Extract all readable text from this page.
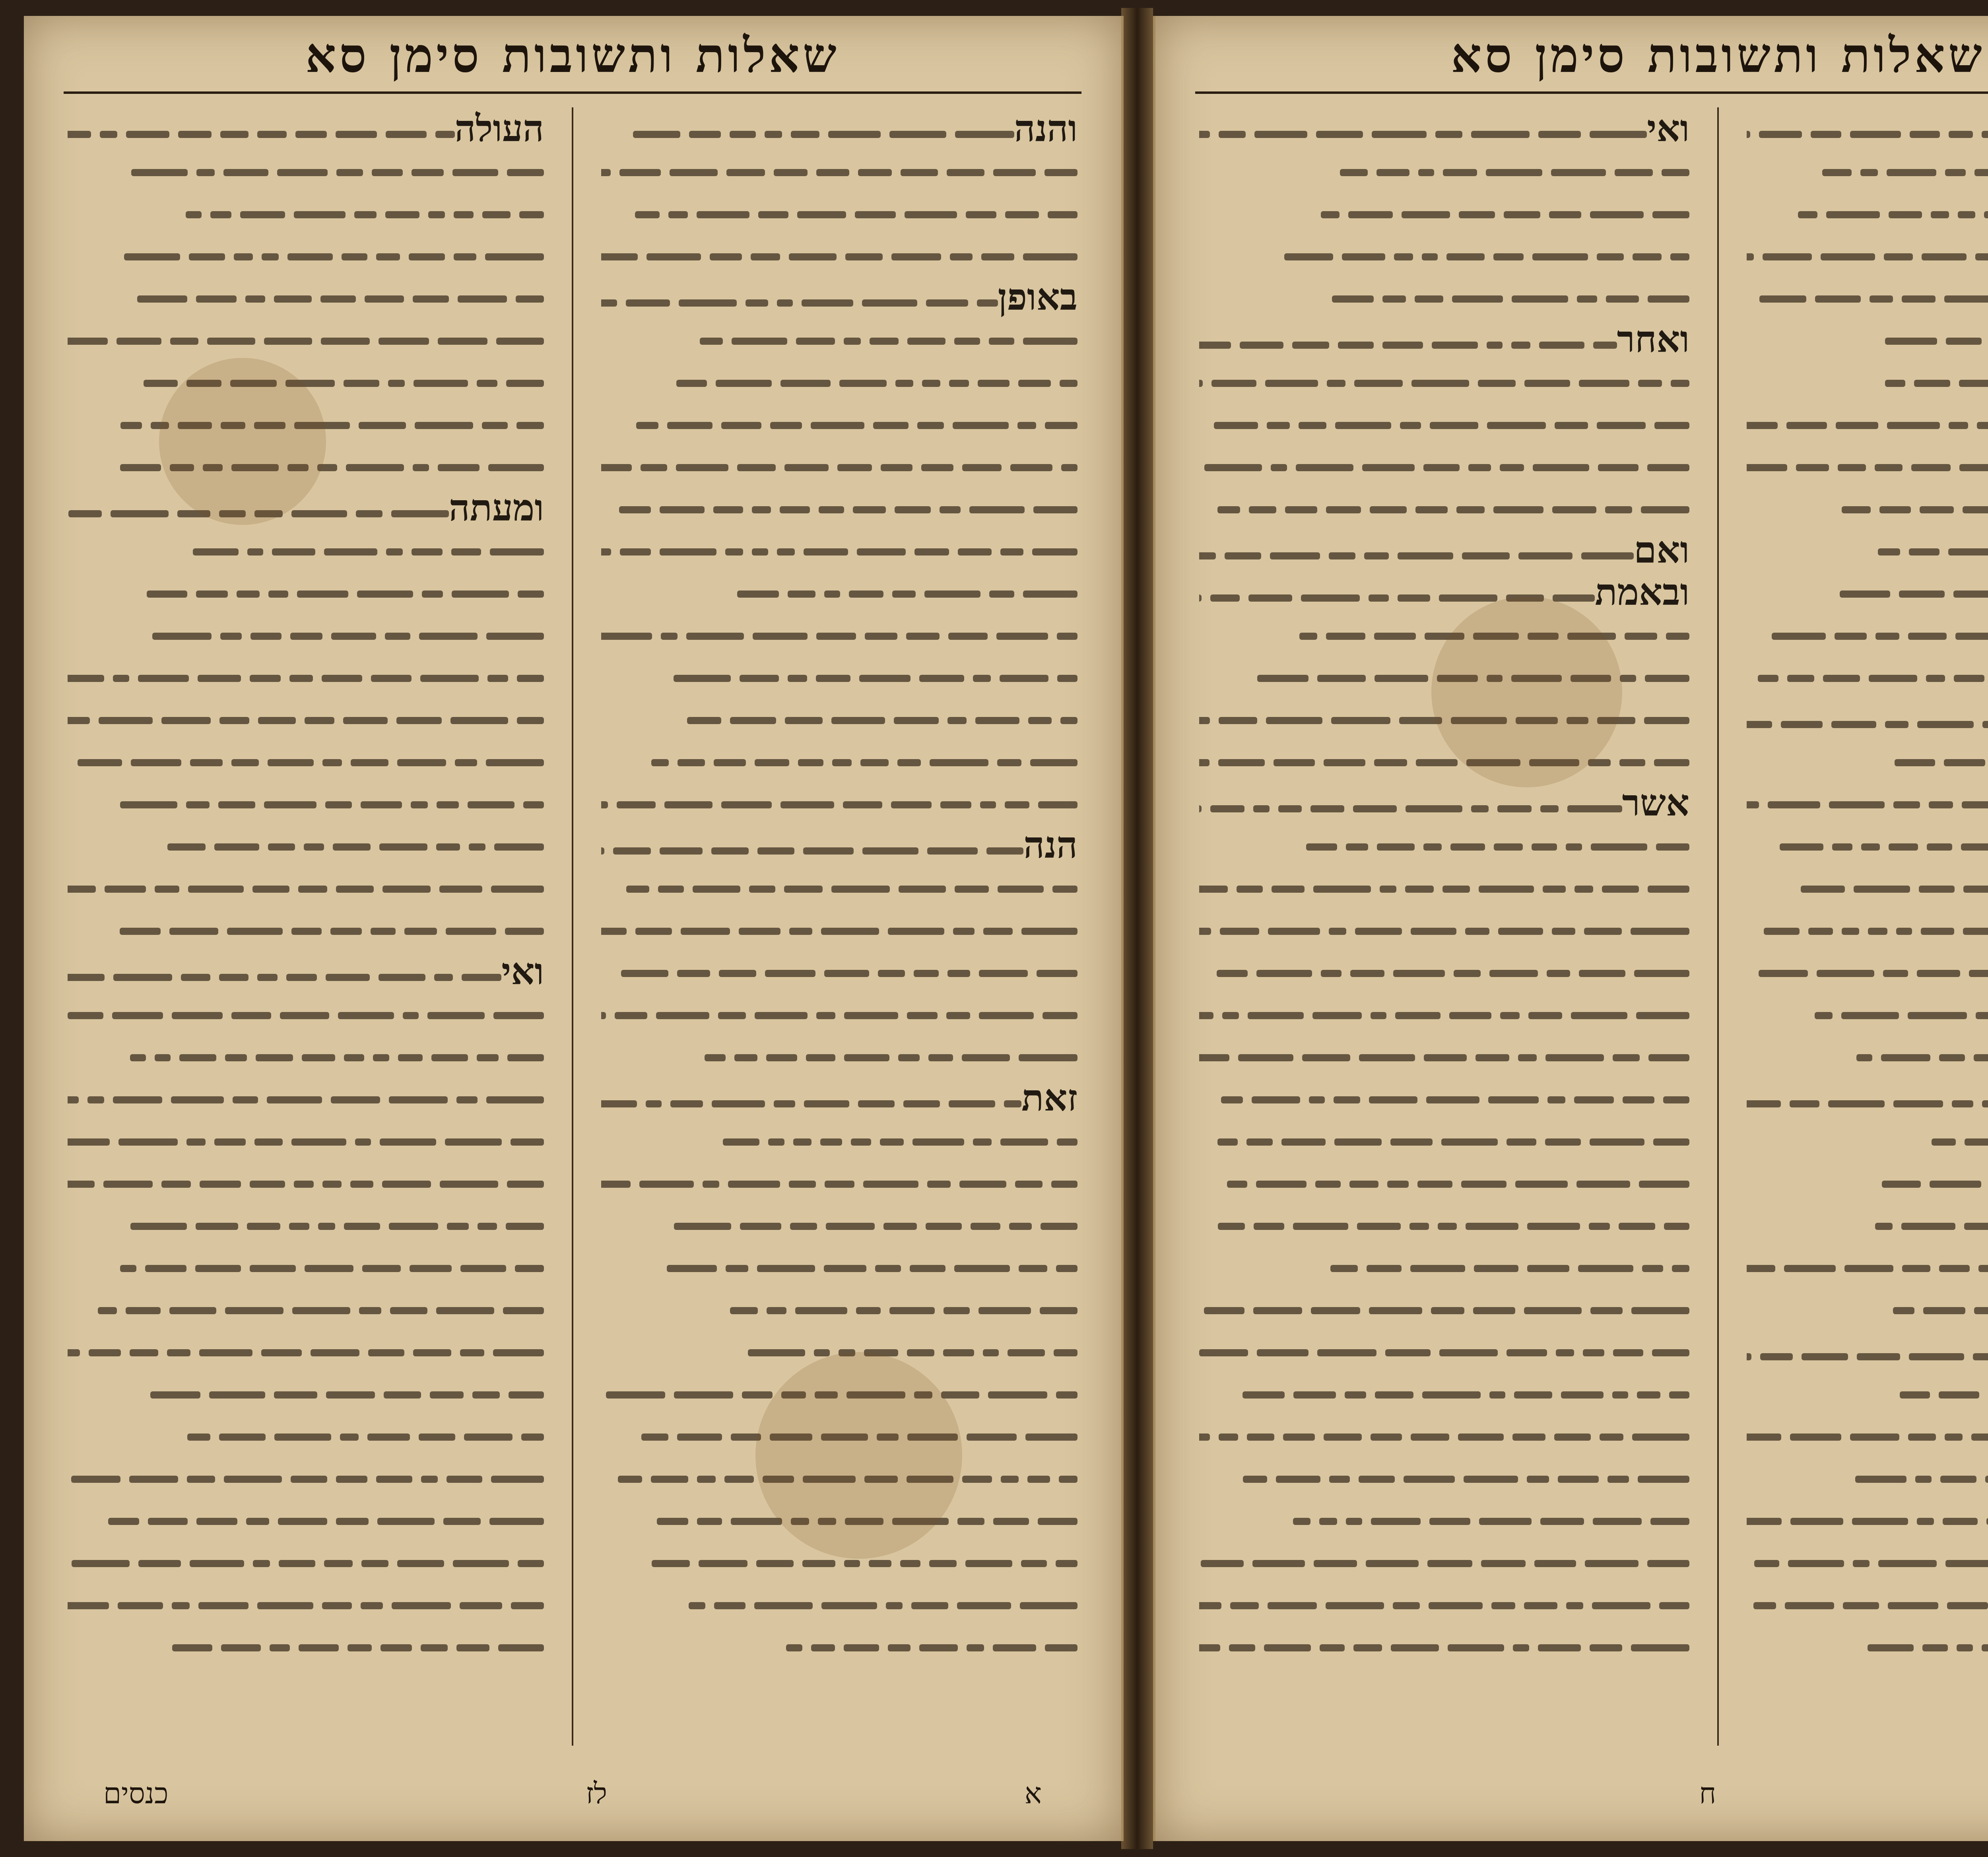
שאלות ותשובות סימן סא
והנה
באופן
הנה
זאת
העולה
ומעתה
ואי
א
לז
כנסים
שאלות ותשובות סימן סא
ואי
ואחר
ואם
ובאמת
אשר
ח
